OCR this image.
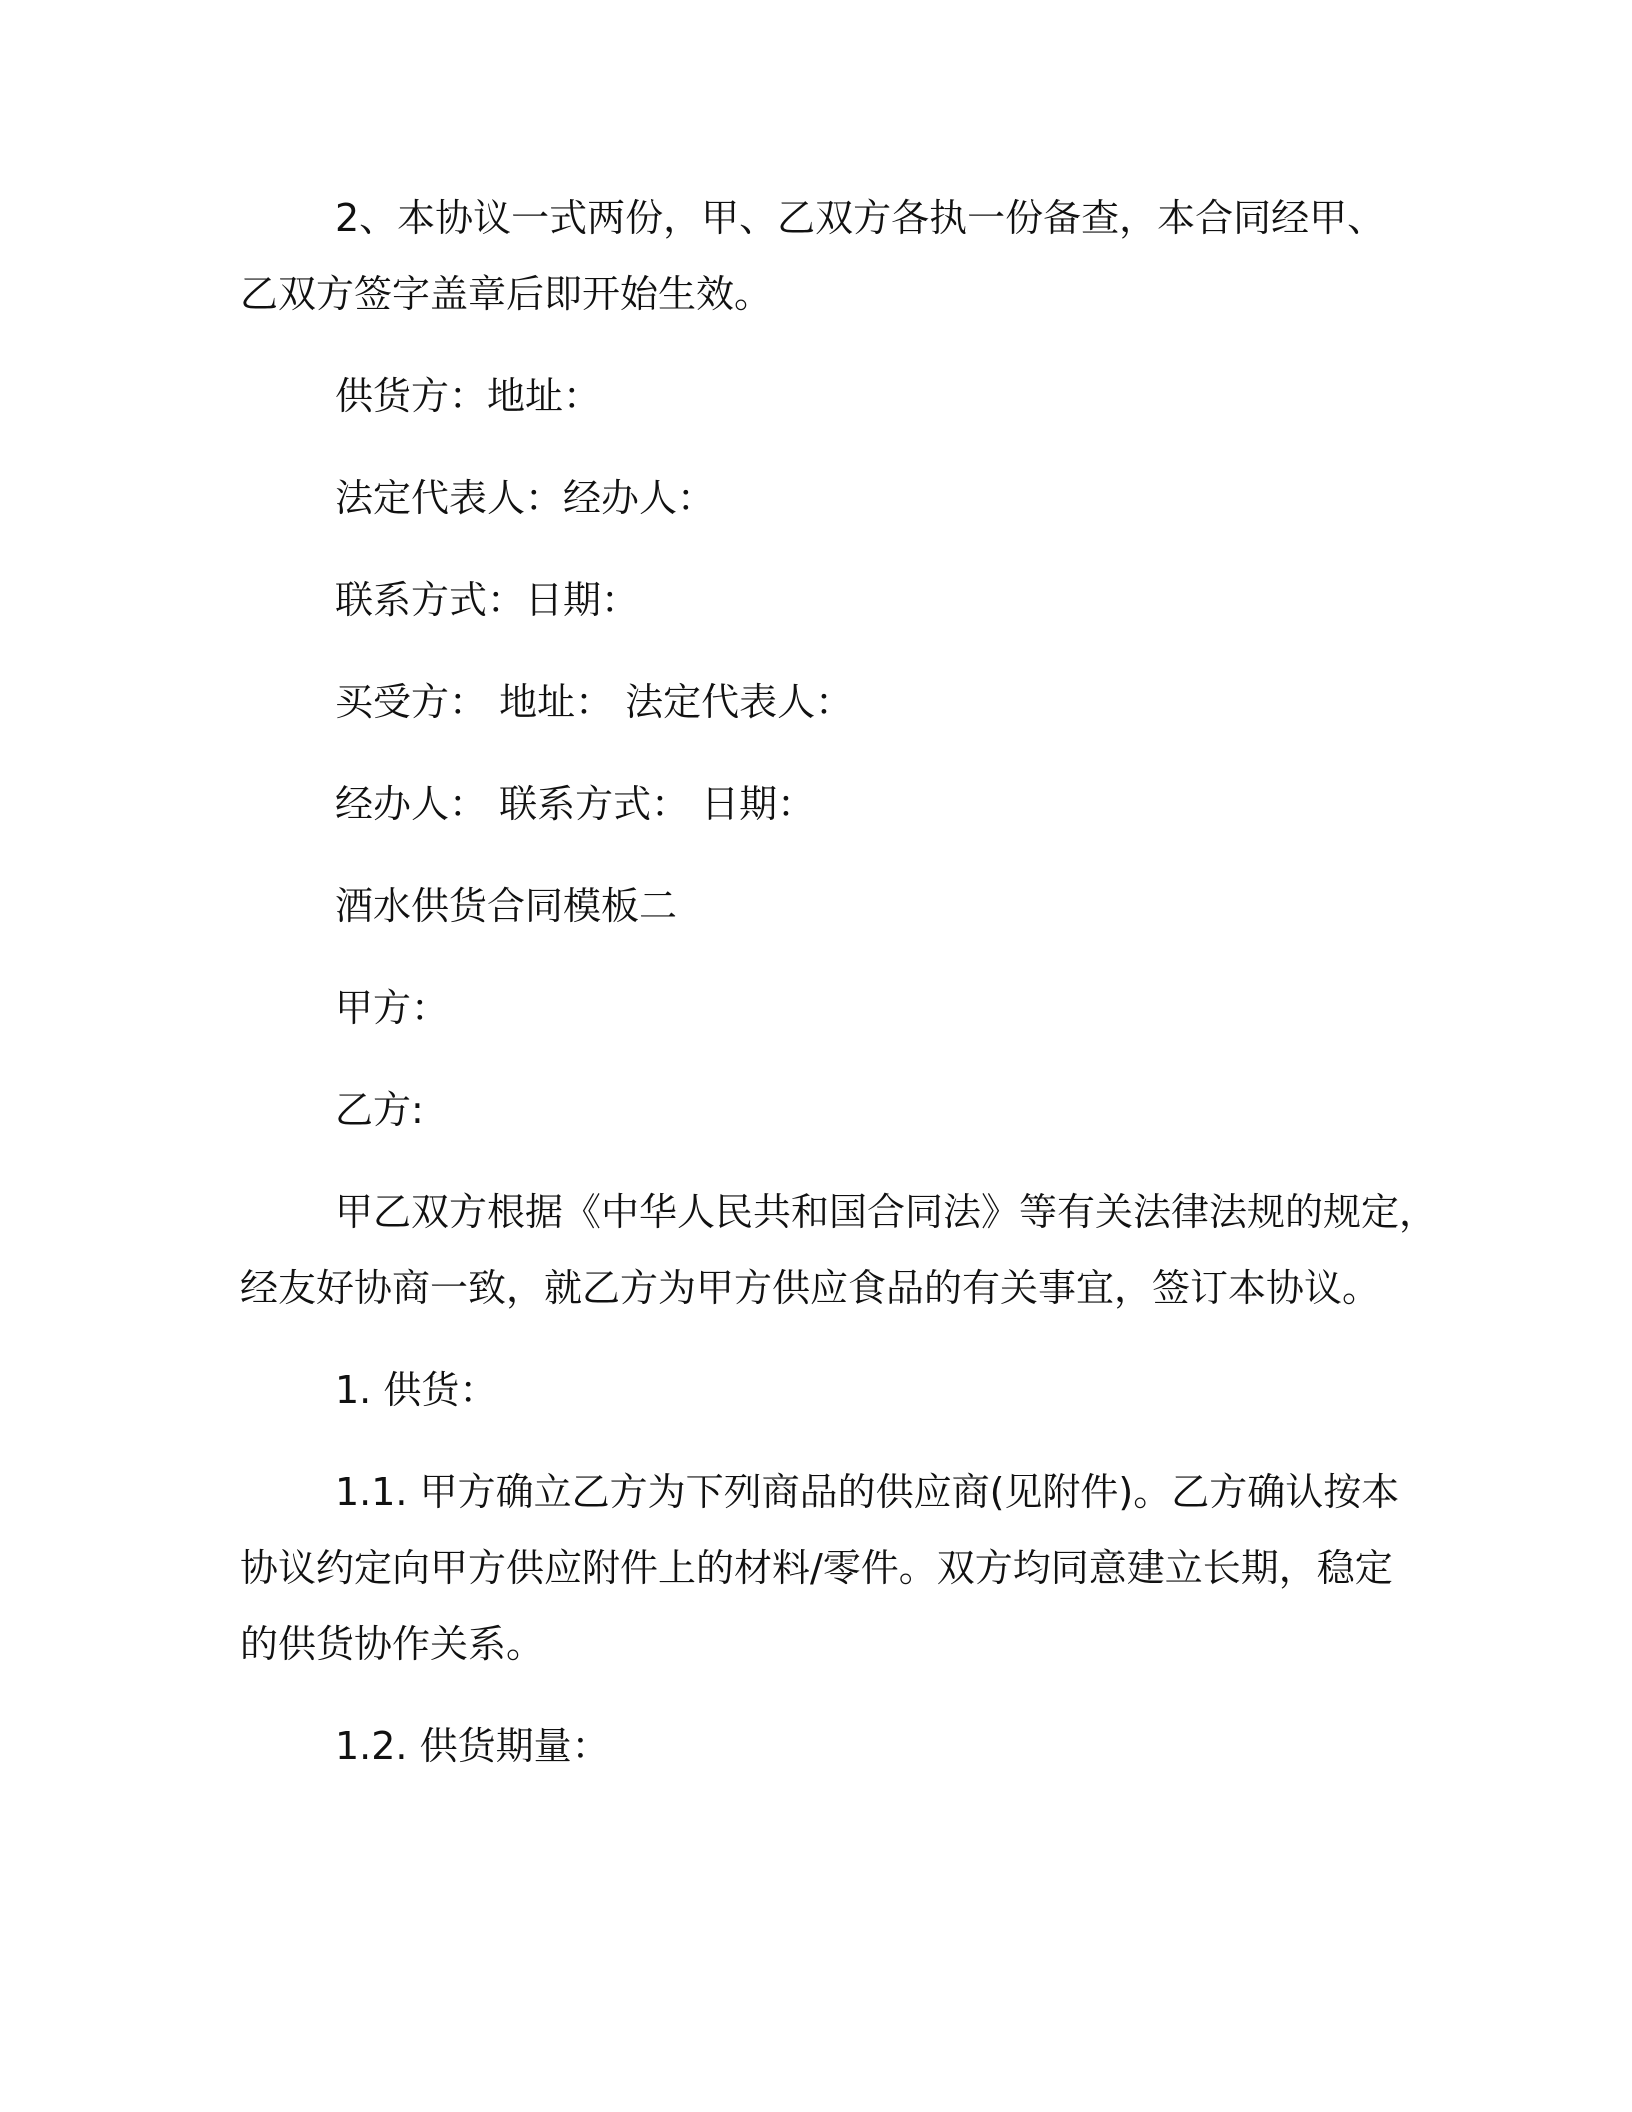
2、本协议一式两份，甲、乙双方各执一份备查，本合同经甲、

乙双方签字盖章后即开始生效。

供货方：地址：

法定代表人：经办人：

联系方式：日期：

买受方： 地址： 法定代表人：

经办人： 联系方式： 日期：

酒水供货合同模板二

甲方：

乙方:

甲乙双方根据《中华人民共和国合同法》等有关法律法规的规定，

经友好协商一致，就乙方为甲方供应食品的有关事宜，签订本协议。

1. 供货：

1.1. 甲方确立乙方为下列商品的供应商(见附件)。乙方确认按本

协议约定向甲方供应附件上的材料/零件。双方均同意建立长期，稳定

的供货协作关系。

1.2. 供货期量：
